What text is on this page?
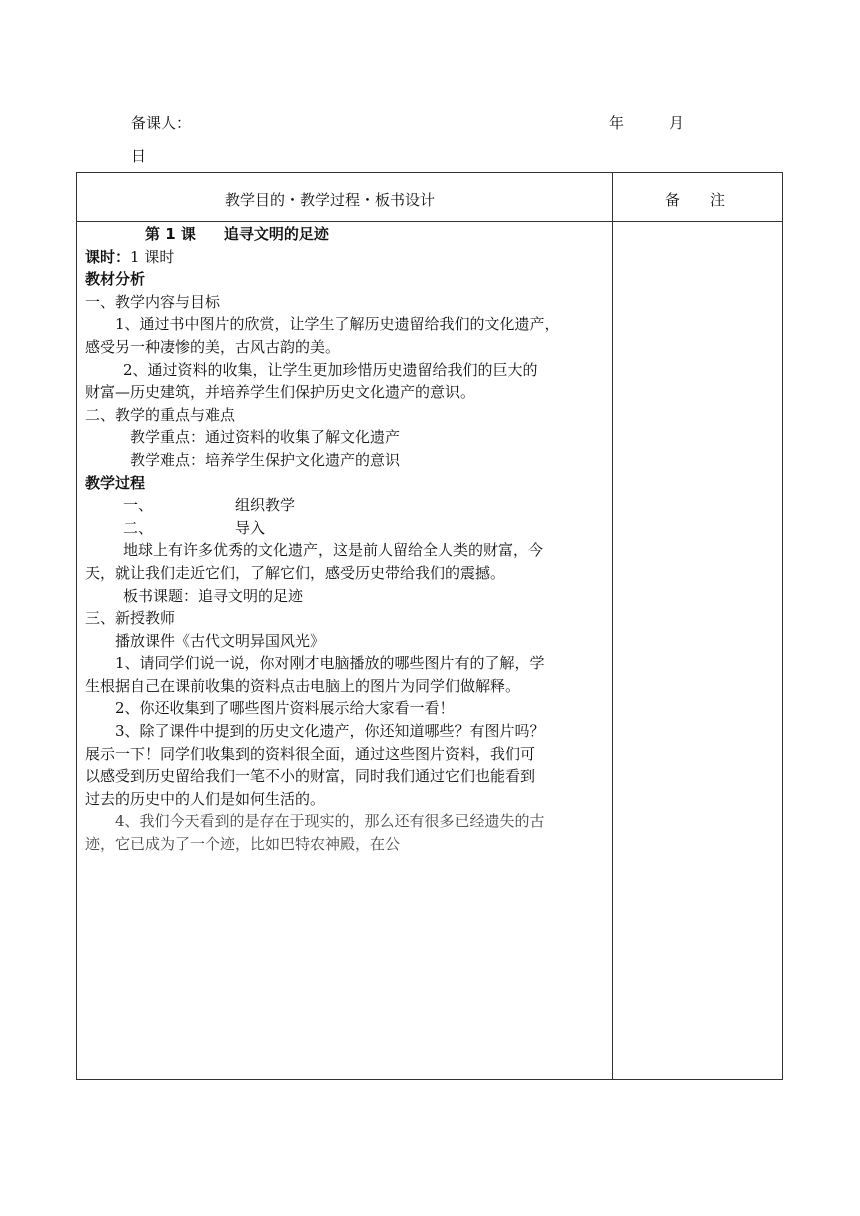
备课人：	年	月
日
教学目的・教学过程・板书设计	备　　注
第 1 课 追寻文明的足迹
课时：1 课时
教材分析
一、教学内容与目标
1、通过书中图片的欣赏，让学生了解历史遗留给我们的文化遗产，
感受另一种凄惨的美，古风古韵的美。
2、通过资料的收集，让学生更加珍惜历史遗留给我们的巨大的
财富—历史建筑，并培养学生们保护历史文化遗产的意识。
二、教学的重点与难点
教学重点：通过资料的收集了解文化遗产
教学难点：培养学生保护文化遗产的意识
教学过程
一、	组织教学
二、	导入
地球上有许多优秀的文化遗产，这是前人留给全人类的财富，今
天，就让我们走近它们，了解它们，感受历史带给我们的震撼。
板书课题：追寻文明的足迹
三、新授教师
播放课件《古代文明异国风光》
1、请同学们说一说，你对刚才电脑播放的哪些图片有的了解，学
生根据自己在课前收集的资料点击电脑上的图片为同学们做解释。
2、你还收集到了哪些图片资料展示给大家看一看！
3、除了课件中提到的历史文化遗产，你还知道哪些？有图片吗？
展示一下！同学们收集到的资料很全面，通过这些图片资料，我们可
以感受到历史留给我们一笔不小的财富，同时我们通过它们也能看到
过去的历史中的人们是如何生活的。
4、我们今天看到的是存在于现实的，那么还有很多已经遗失的古
迹，它已成为了一个迹，比如巴特农神殿，在公
